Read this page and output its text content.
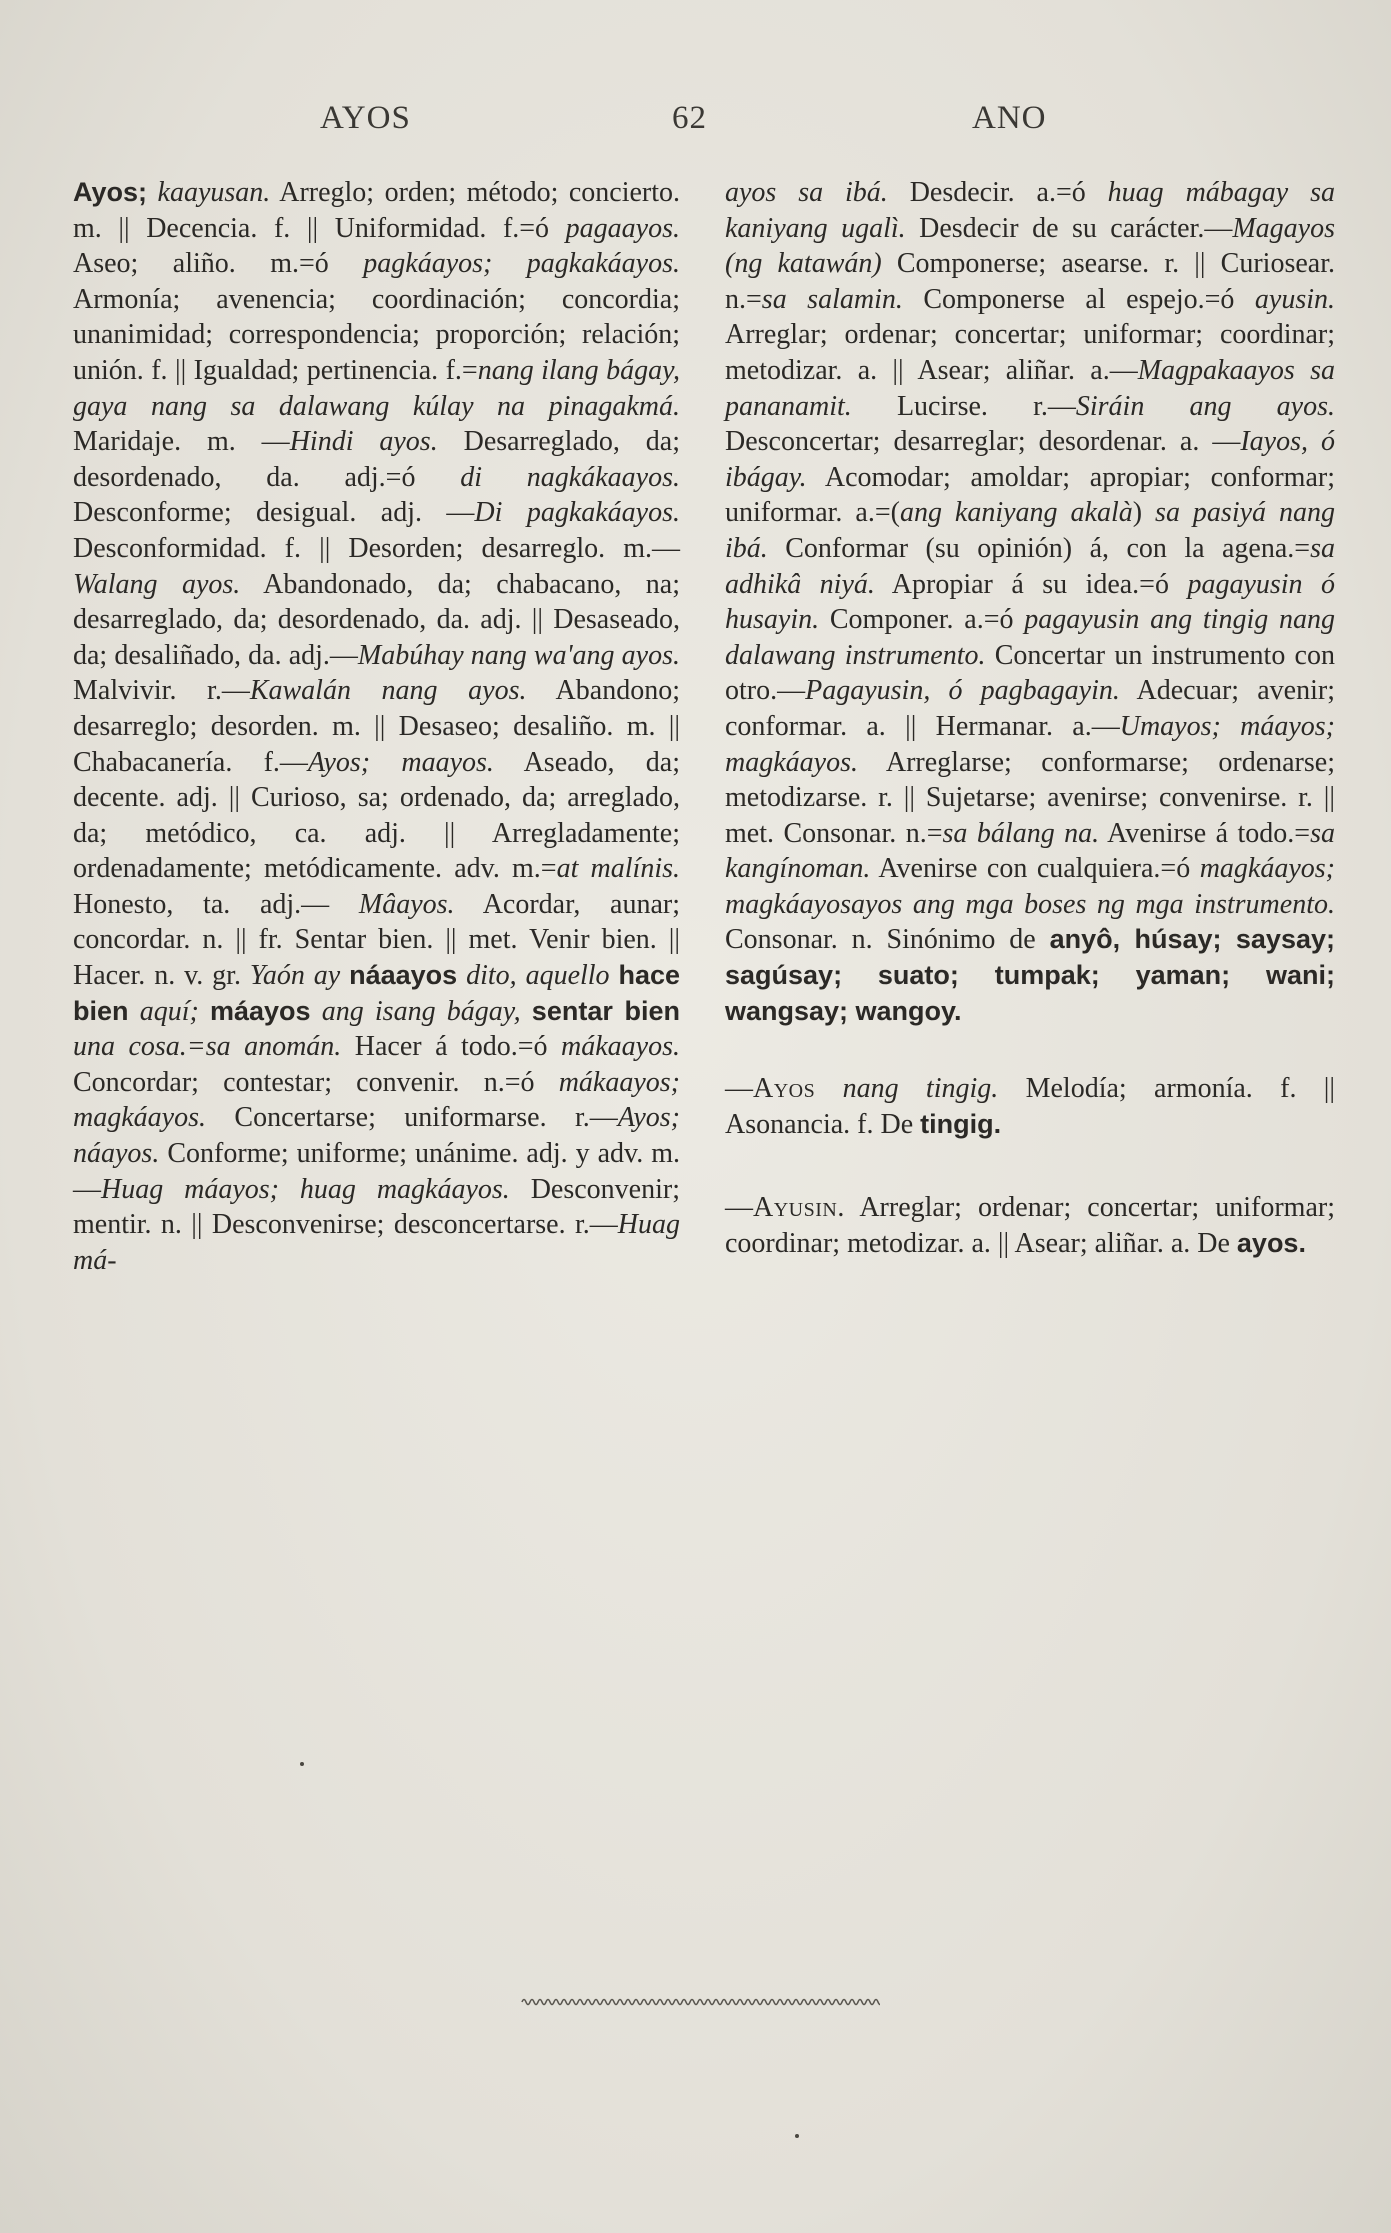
AYOS	62	ANO

Ayos; kaayusan. Arreglo; orden; método; concierto. m. || Decencia. f. || Uniformidad. f.=ó pagaayos. Aseo; aliño. m.=ó pagkáayos; pagkakáayos. Armonía; avenencia; coordinación; concordia; unanimidad; correspondencia; proporción; relación; unión. f. || Igualdad; pertinencia. f.=nang ilang bágay, gaya nang sa dalawang kúlay na pinagakmá. Maridaje. m. —Hindi ayos. Desarreglado, da; desordenado, da. adj.=ó di nagkákaayos. Desconforme; desigual. adj. —Di pagkakáayos. Desconformidad. f. || Desorden; desarreglo. m.—Walang ayos. Abandonado, da; chabacano, na; desarreglado, da; desordenado, da. adj. || Desaseado, da; desaliñado, da. adj.—Mabúhay nang wa'ang ayos. Malvivir. r.—Kawalán nang ayos. Abandono; desarreglo; desorden. m. || Desaseo; desaliño. m. || Chabacanería. f.—Ayos; maayos. Aseado, da; decente. adj. || Curioso, sa; ordenado, da; arreglado, da; metódico, ca. adj. || Arregladamente; ordenadamente; metódicamente. adv. m.=at malínis. Honesto, ta. adj.— Mâayos. Acordar, aunar; concordar. n. || fr. Sentar bien. || met. Venir bien. || Hacer. n. v. gr. Yaón ay náaayos dito, aquello hace bien aquí; máayos ang isang bágay, sentar bien una cosa.=sa anomán. Hacer á todo.=ó mákaayos. Concordar; contestar; convenir. n.=ó mákaayos; magkáayos. Concertarse; uniformarse. r.—Ayos; náayos. Conforme; uniforme; unánime. adj. y adv. m. —Huag máayos; huag magkáayos. Desconvenir; mentir. n. || Desconvenirse; desconcertarse. r.—Huag má-

ayos sa ibá. Desdecir. a.=ó huag mábagay sa kaniyang ugalì. Desdecir de su carácter.—Magayos (ng katawán) Componerse; asearse. r. || Curiosear. n.=sa salamin. Componerse al espejo.=ó ayusin. Arreglar; ordenar; concertar; uniformar; coordinar; metodizar. a. || Asear; aliñar. a.—Magpakaayos sa pananamit. Lucirse. r.—Siráin ang ayos. Desconcertar; desarreglar; desordenar. a. —Iayos, ó ibágay. Acomodar; amoldar; apropiar; conformar; uniformar. a.=(ang kaniyang akalà) sa pasiyá nang ibá. Conformar (su opinión) á, con la agena.=sa adhikâ niyá. Apropiar á su idea.=ó pagayusin ó husayin. Componer. a.=ó pagayusin ang tingig nang dalawang instrumento. Concertar un instrumento con otro.—Pagayusin, ó pagbagayin. Adecuar; avenir; conformar. a. || Hermanar. a.—Umayos; máayos; magkáayos. Arreglarse; conformarse; ordenarse; metodizarse. r. || Sujetarse; avenirse; convenirse. r. || met. Consonar. n.=sa bálang na. Avenirse á todo.=sa kangínoman. Avenirse con cualquiera.=ó magkáayos; magkáayosayos ang mga boses ng mga instrumento. Consonar. n. Sinónimo de anyô, húsay; saysay; sagúsay; suato; tumpak; yaman; wani; wangsay; wangoy.

—Ayos nang tingig. Melodía; armonía. f. || Asonancia. f. De tingig.

—Ayusin. Arreglar; ordenar; concertar; uniformar; coordinar; metodizar. a. || Asear; aliñar. a. De ayos.
